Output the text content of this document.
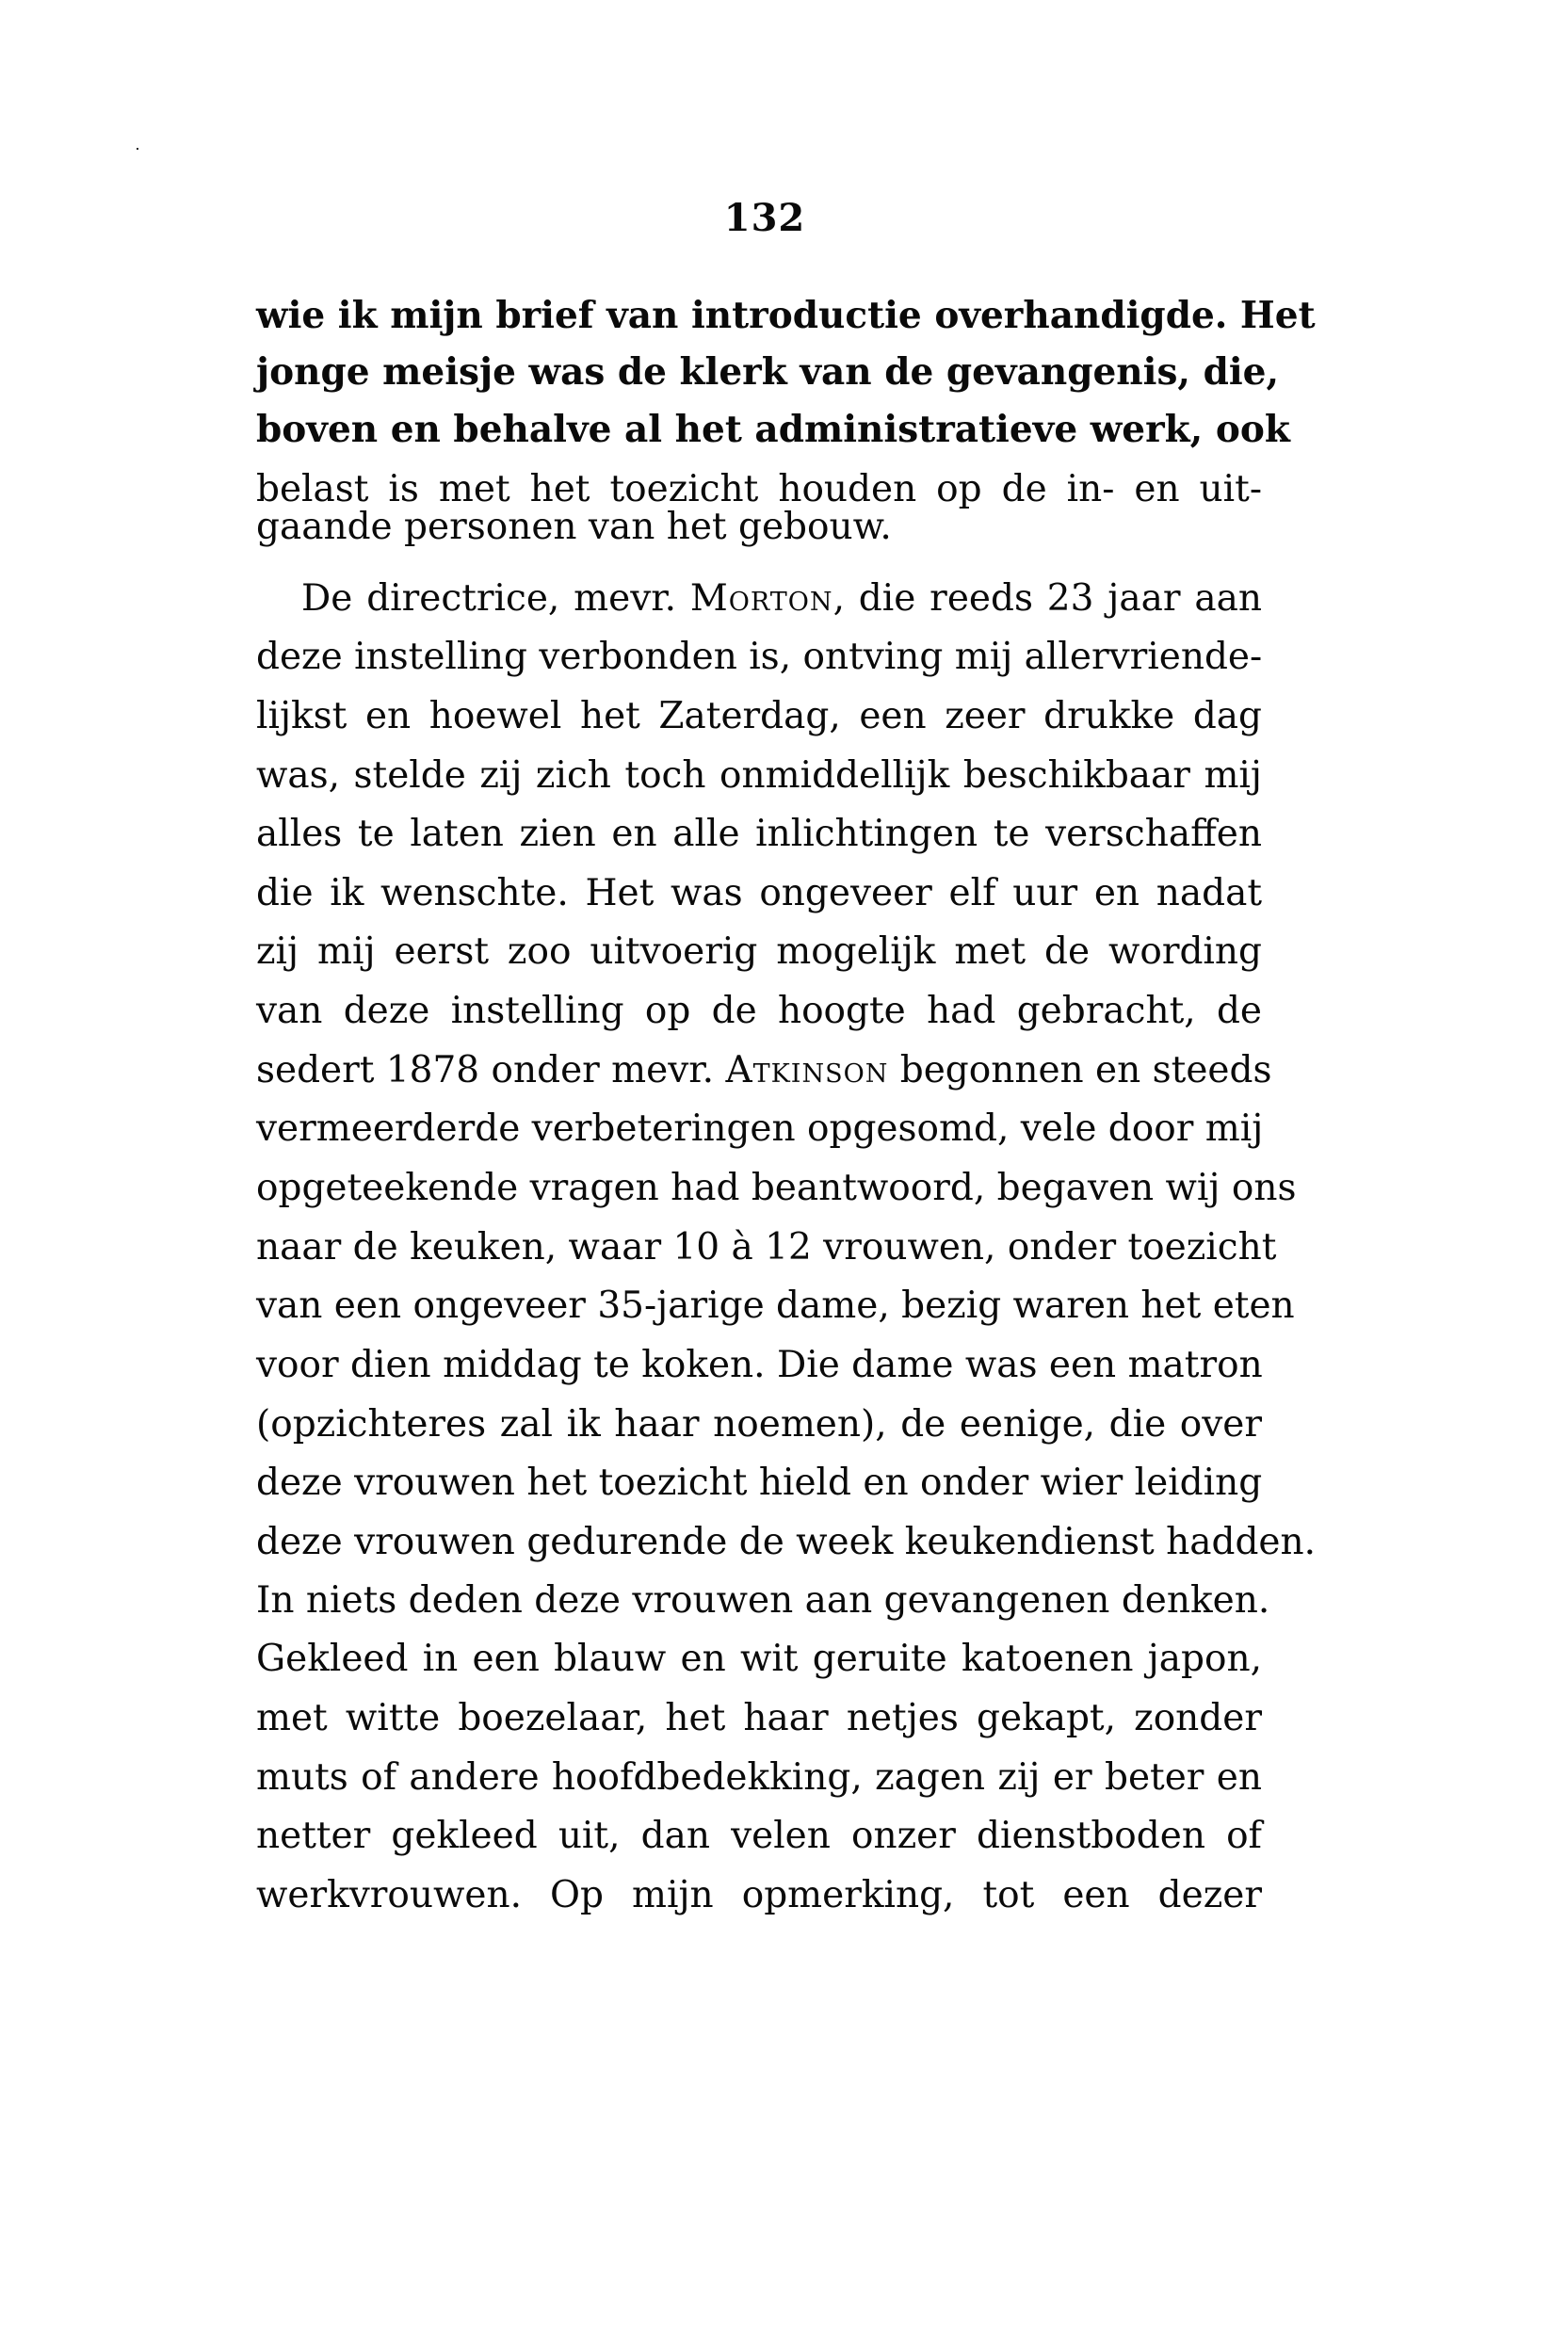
132
wie ik mijn brief van introductie overhandigde. Het
jonge meisje was de klerk van de gevangenis, die,
boven en behalve al het administratieve werk, ook
belast is met het toezicht houden op de in- en uit-
gaande personen van het gebouw.
De directrice, mevr. Morton, die reeds 23 jaar aan
deze instelling verbonden is, ontving mij allervriende-
lijkst en hoewel het Zaterdag, een zeer drukke dag
was, stelde zij zich toch onmiddellijk beschikbaar mij
alles te laten zien en alle inlichtingen te verschaffen
die ik wenschte. Het was ongeveer elf uur en nadat
zij mij eerst zoo uitvoerig mogelijk met de wording
van deze instelling op de hoogte had gebracht, de
sedert 1878 onder mevr. Atkinson begonnen en steeds
vermeerderde verbeteringen opgesomd, vele door mij
opgeteekende vragen had beantwoord, begaven wij ons
naar de keuken, waar 10 à 12 vrouwen, onder toezicht
van een ongeveer 35-jarige dame, bezig waren het eten
voor dien middag te koken. Die dame was een matron
(opzichteres zal ik haar noemen), de eenige, die over
deze vrouwen het toezicht hield en onder wier leiding
deze vrouwen gedurende de week keukendienst hadden.
In niets deden deze vrouwen aan gevangenen denken.
Gekleed in een blauw en wit geruite katoenen japon,
met witte boezelaar, het haar netjes gekapt, zonder
muts of andere hoofdbedekking, zagen zij er beter en
netter gekleed uit, dan velen onzer dienstboden of
werkvrouwen. Op mijn opmerking, tot een dezer
